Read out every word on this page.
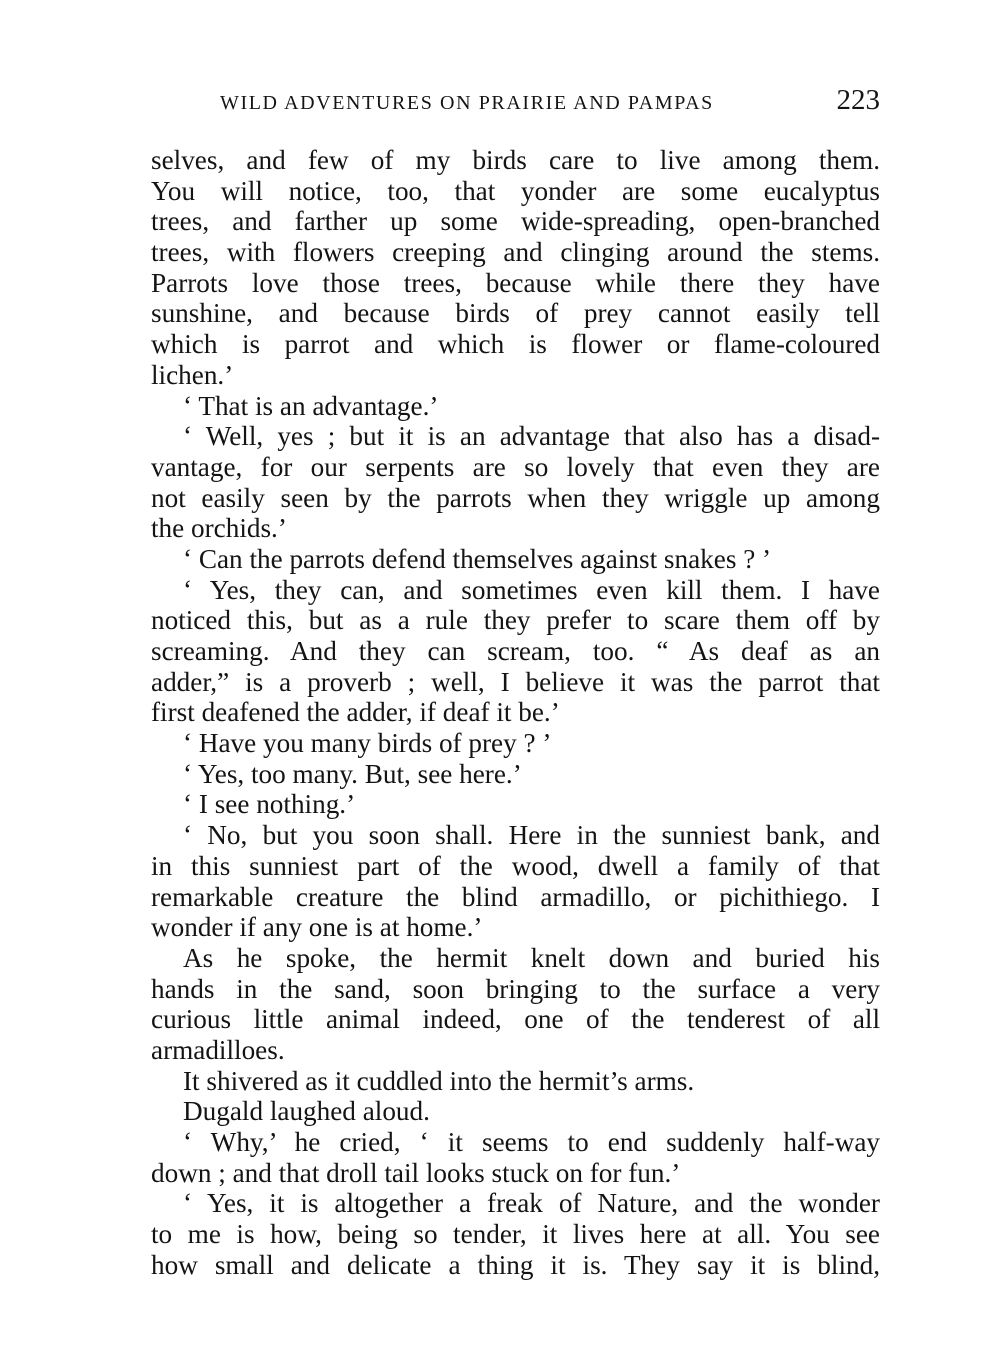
WILD ADVENTURES ON PRAIRIE AND PAMPAS	223
selves, and few of my birds care to live among them.
You will notice, too, that yonder are some eucalyptus
trees, and farther up some wide-spreading, open-branched
trees, with flowers creeping and clinging around the stems.
Parrots love those trees, because while there they have
sunshine, and because birds of prey cannot easily tell
which is parrot and which is flower or flame-coloured
lichen.’
‘ That is an advantage.’
‘ Well, yes ; but it is an advantage that also has a disad-
vantage, for our serpents are so lovely that even they are
not easily seen by the parrots when they wriggle up among
the orchids.’
‘ Can the parrots defend themselves against snakes ? ’
‘ Yes, they can, and sometimes even kill them. I have
noticed this, but as a rule they prefer to scare them off by
screaming. And they can scream, too. “ As deaf as an
adder,” is a proverb ; well, I believe it was the parrot that
first deafened the adder, if deaf it be.’
‘ Have you many birds of prey ? ’
‘ Yes, too many. But, see here.’
‘ I see nothing.’
‘ No, but you soon shall. Here in the sunniest bank, and
in this sunniest part of the wood, dwell a family of that
remarkable creature the blind armadillo, or pichithiego. I
wonder if any one is at home.’
As he spoke, the hermit knelt down and buried his
hands in the sand, soon bringing to the surface a very
curious little animal indeed, one of the tenderest of all
armadilloes.
It shivered as it cuddled into the hermit’s arms.
Dugald laughed aloud.
‘ Why,’ he cried, ‘ it seems to end suddenly half-way
down ; and that droll tail looks stuck on for fun.’
‘ Yes, it is altogether a freak of Nature, and the wonder
to me is how, being so tender, it lives here at all. You see
how small and delicate a thing it is. They say it is blind,
